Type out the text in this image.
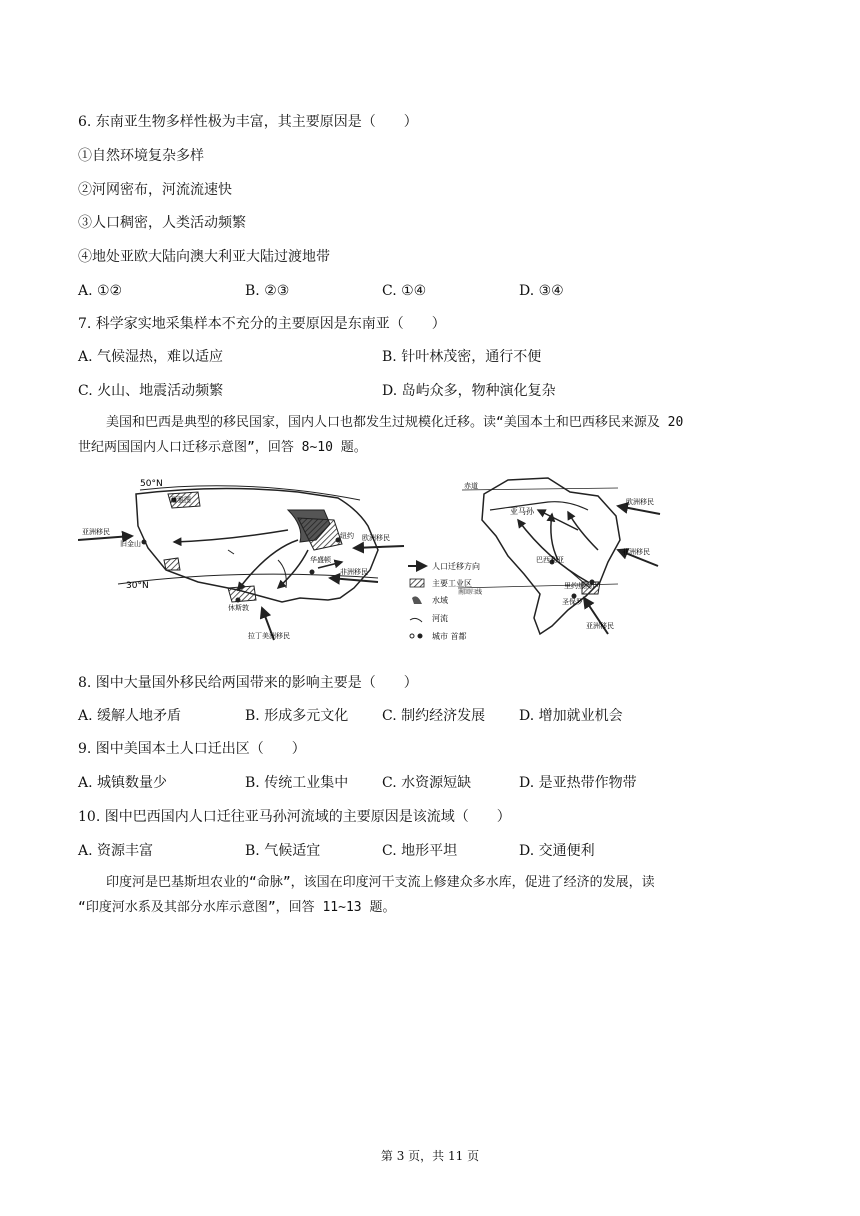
6. 东南亚生物多样性极为丰富，其主要原因是（　　）
①自然环境复杂多样
②河网密布，河流流速快
③人口稠密，人类活动频繁
④地处亚欧大陆向澳大利亚大陆过渡地带
A. ①②	B. ②③	C. ①④	D. ③④
7. 科学家实地采集样本不充分的主要原因是东南亚（　　）
A. 气候湿热，难以适应	B. 针叶林茂密，通行不便
C. 火山、地震活动频繁	D. 岛屿众多，物种演化复杂
美国和巴西是典型的移民国家，国内人口也都发生过规模化迁移。读“美国本土和巴西移民来源及 20
世纪两国国内人口迁移示意图”，回答 8~10 题。
50°N
30°N
西雅图
旧金山
华盛顿
纽约
休斯敦
亚洲移民
欧洲移民
非洲移民
拉丁美洲移民
人口迁移方向
主要工业区
水域
河流
城市 首都
赤道
亚马孙
巴西利亚
南回归线
里约热内卢
圣保罗
欧洲移民
非洲移民
亚洲移民
8. 图中大量国外移民给两国带来的影响主要是（　　）
A. 缓解人地矛盾	B. 形成多元文化 C. 制约经济发展 D. 增加就业机会
9. 图中美国本土人口迁出区（　　）
A. 城镇数量少	B. 传统工业集中 C. 水资源短缺	D. 是亚热带作物带
10. 图中巴西国内人口迁往亚马孙河流域的主要原因是该流域（　　）
A. 资源丰富	B. 气候适宜	C. 地形平坦	D. 交通便利
印度河是巴基斯坦农业的“命脉”，该国在印度河干支流上修建众多水库，促进了经济的发展，读
“印度河水系及其部分水库示意图”，回答 11~13 题。
第 3 页，共 11 页
